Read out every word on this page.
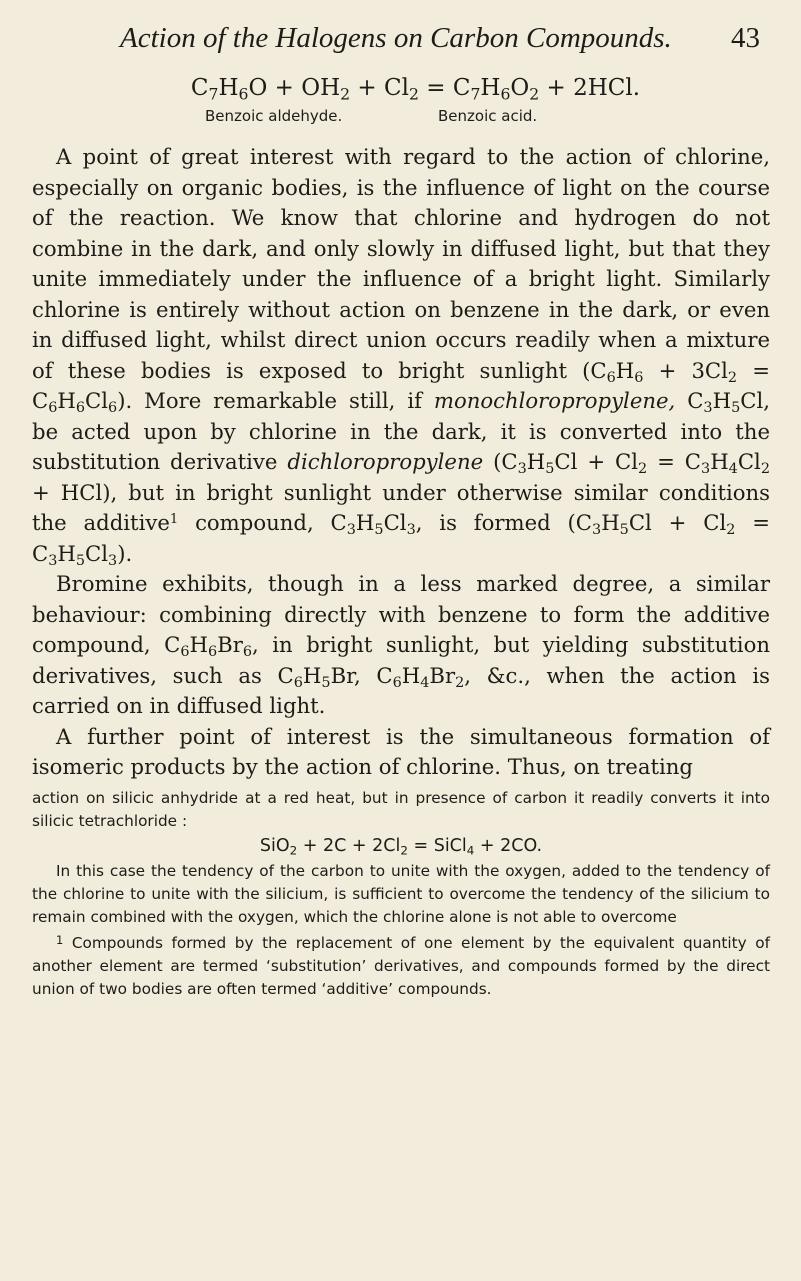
Action of the Halogens on Carbon Compounds. 43
$C_7H_6O + OH_2 + Cl_2 = C_7H_6O_2 + 2HCl$.
Benzoic aldehyde.	Benzoic acid.

A point of great interest with regard to the action of chlorine, especially on organic bodies, is the influence of light on the course of the reaction. We know that chlorine and hydrogen do not combine in the dark, and only slowly in diffused light, but that they unite immediately under the influence of a bright light. Similarly chlorine is entirely without action on benzene in the dark, or even in diffused light, whilst direct union occurs readily when a mixture of these bodies is exposed to bright sunlight $(C_6H_6 + 3Cl_2 = C_6H_6Cl_6)$. More remarkable still, if monochloropropylene, $C_3H_5Cl$, be acted upon by chlorine in the dark, it is converted into the substitution derivative dichloropropylene $(C_3H_5Cl + Cl_2 = C_3H_4Cl_2 + HCl)$, but in bright sunlight under otherwise similar conditions the additive$^1$ compound, $C_3H_5Cl_3$, is formed $(C_3H_5Cl + Cl_2 = C_3H_5Cl_3)$.

Bromine exhibits, though in a less marked degree, a similar behaviour: combining directly with benzene to form the additive compound, $C_6H_6Br_6$, in bright sunlight, but yielding substitution derivatives, such as $C_6H_5Br$, $C_6H_4Br_2$, &c., when the action is carried on in diffused light.

A further point of interest is the simultaneous formation of isomeric products by the action of chlorine. Thus, on treating

action on silicic anhydride at a red heat, but in presence of carbon it readily converts it into silicic tetrachloride :

$SiO_2 + 2C + 2Cl_2$ = SiCl$_4$ + 2CO.

In this case the tendency of the carbon to unite with the oxygen, added to the tendency of the chlorine to unite with the silicium, is sufficient to overcome the tendency of the silicium to remain combined with the oxygen, which the chlorine alone is not able to overcome

$^1$ Compounds formed by the replacement of one element by the equivalent quantity of another element are termed ‘substitution’ derivatives, and compounds formed by the direct union of two bodies are often termed ‘additive’ compounds.
